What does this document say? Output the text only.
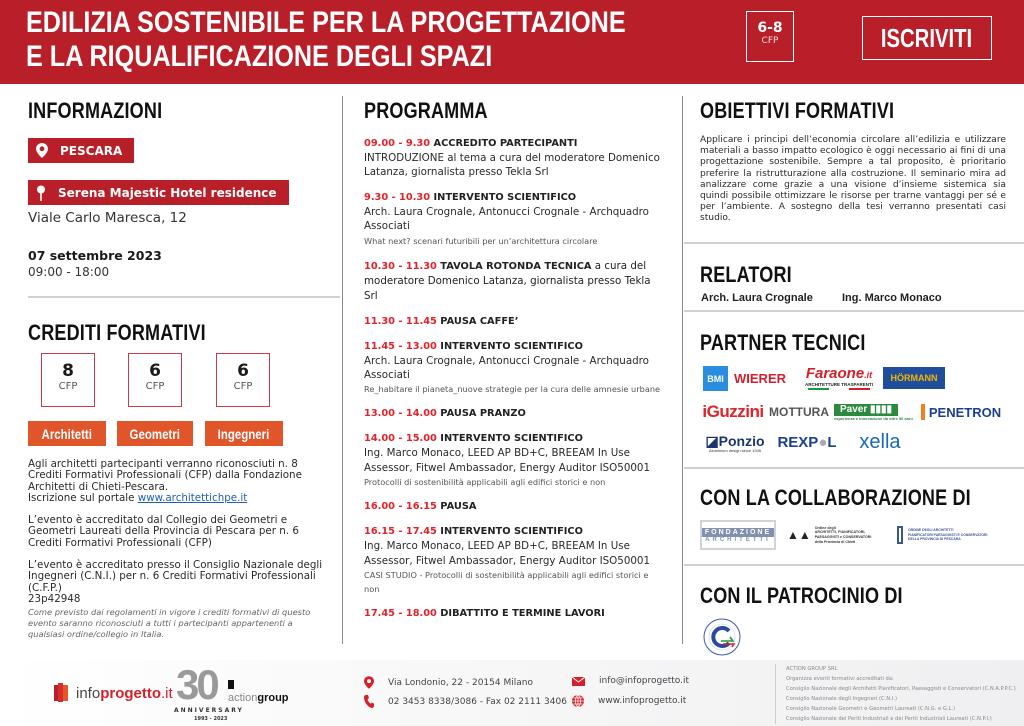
EDILIZIA SOSTENIBILE PER LA PROGETTAZIONE
E LA RIQUALIFICAZIONE DEGLI SPAZI
6-8
CFP	ISCRIVITI
INFORMAZIONI
PESCARA
Serena Majestic Hotel residence
Viale Carlo Maresca, 12
07 settembre 2023
09:00 - 18:00
CREDITI FORMATIVI
8
CFP
6
CFP
6
CFP
Architetti	Geometri	Ingegneri
Agli architetti partecipanti verranno riconosciuti n. 8 Crediti Formativi Professionali (CFP) dalla Fondazione Architetti di Chieti-Pescara.
Iscrizione sul portale www.architettichpe.it
L’evento è accreditato dal Collegio dei Geometri e Geometri Laureati della Provincia di Pescara per n. 6 Crediti Formativi Professionali (CFP)
L’evento è accreditato presso il Consiglio Nazionale degli Ingegneri (C.N.I.) per n. 6 Crediti Formativi Professionali (C.F.P.)
23p42948
Come previsto dai regolamenti in vigore i crediti formativi di questo evento saranno riconosciuti a tutti i partecipanti appartenenti a qualsiasi ordine/collegio in Italia.
PROGRAMMA
09.00 - 9.30 ACCREDITO PARTECIPANTI
INTRODUZIONE al tema a cura del moderatore Domenico Latanza, giornalista presso Tekla Srl
9.30 - 10.30 INTERVENTO SCIENTIFICO
Arch. Laura Crognale, Antonucci Crognale - Archquadro Associati
What next? scenari futuribili per un’architettura circolare
10.30 - 11.30 TAVOLA ROTONDA TECNICA a cura del moderatore Domenico Latanza, giornalista presso Tekla Srl
11.30 - 11.45 PAUSA CAFFE’
11.45 - 13.00 INTERVENTO SCIENTIFICO
Arch. Laura Crognale, Antonucci Crognale - Archquadro Associati
Re_habitare il pianeta_nuove strategie per la cura delle amnesie urbane
13.00 - 14.00 PAUSA PRANZO
14.00 - 15.00 INTERVENTO SCIENTIFICO
Ing. Marco Monaco, LEED AP BD+C, BREEAM In Use Assessor, Fitwel Ambassador, Energy Auditor ISO50001
Protocolli di sostenibilità applicabili agli edifici storici e non
16.00 - 16.15 PAUSA
16.15 - 17.45 INTERVENTO SCIENTIFICO
Ing. Marco Monaco, LEED AP BD+C, BREEAM In Use Assessor, Fitwel Ambassador, Energy Auditor ISO50001
CASI STUDIO - Protocolli di sostenibilità applicabili agli edifici storici e non
17.45 - 18.00 DIBATTITO E TERMINE LAVORI
OBIETTIVI FORMATIVI
Applicare i principi dell’economia circolare all’edilizia e utilizzare materiali a basso impatto ecologico è oggi necessario ai fini di una progettazione sostenibile. Sempre a tal proposito, è prioritario preferire la ristrutturazione alla costruzione. Il seminario mira ad analizzare come grazie a una visione d’insieme sistemica sia quindi possibile ottimizzare le risorse per trarne vantaggi per sé e per l’ambiente. A sostegno della tesi verranno presentati casi studio.
RELATORI
Arch. Laura Crognale	Ing. Marco Monaco
PARTNER TECNICI
BMI WIERER Faraone.it
ARCHITETTURE TRASPARENTI
HÖRMANN
iGuzzini MOTTURA	Paver ▮▮▮▮
esperienza e innovazione da oltre 50 anni	PENETRON
◪Ponzio
Aluminium design since 1945	REXP ● L	xella
CON LA COLLABORAZIONE DI
FONDAZIONE
ARCHITETTI ▲▲
Ordine degli
ARCHITETTI, PIANIFICATORI,
PAESAGGISTI e CONSERVATORI
della Provincia di Chieti
ORDINE DEGLI ARCHITETTI
PIANIFICATORI PAESAGGISTI E CONSERVATORI
DELLA PROVINCIA DI PESCARA
CON IL PATROCINIO DI
infoprogetto.it 30 actiongroup
ANNIVERSARY
1993 - 2023
Via Londonio, 22 - 20154 Milano
02 3453 8338/3086 - Fax 02 2111 3406
info@infoprogetto.it
www.infoprogetto.it
ACTION GROUP SRL
Organizza eventi formativi accreditati da:
Consiglio Nazionale degli Architetti Pianificatori, Paesaggisti e Conservatori (C.N.A.P.P.C.)
Consiglio Nazionale degli Ingegneri (C.N.I.)
Consiglio Nazionale Geometri e Geometri Laureati (C.N.G. e G.L.)
Consiglio Nazionale dei Periti Industriali e dei Periti Industriali Laureati (C.N.P.I.)
